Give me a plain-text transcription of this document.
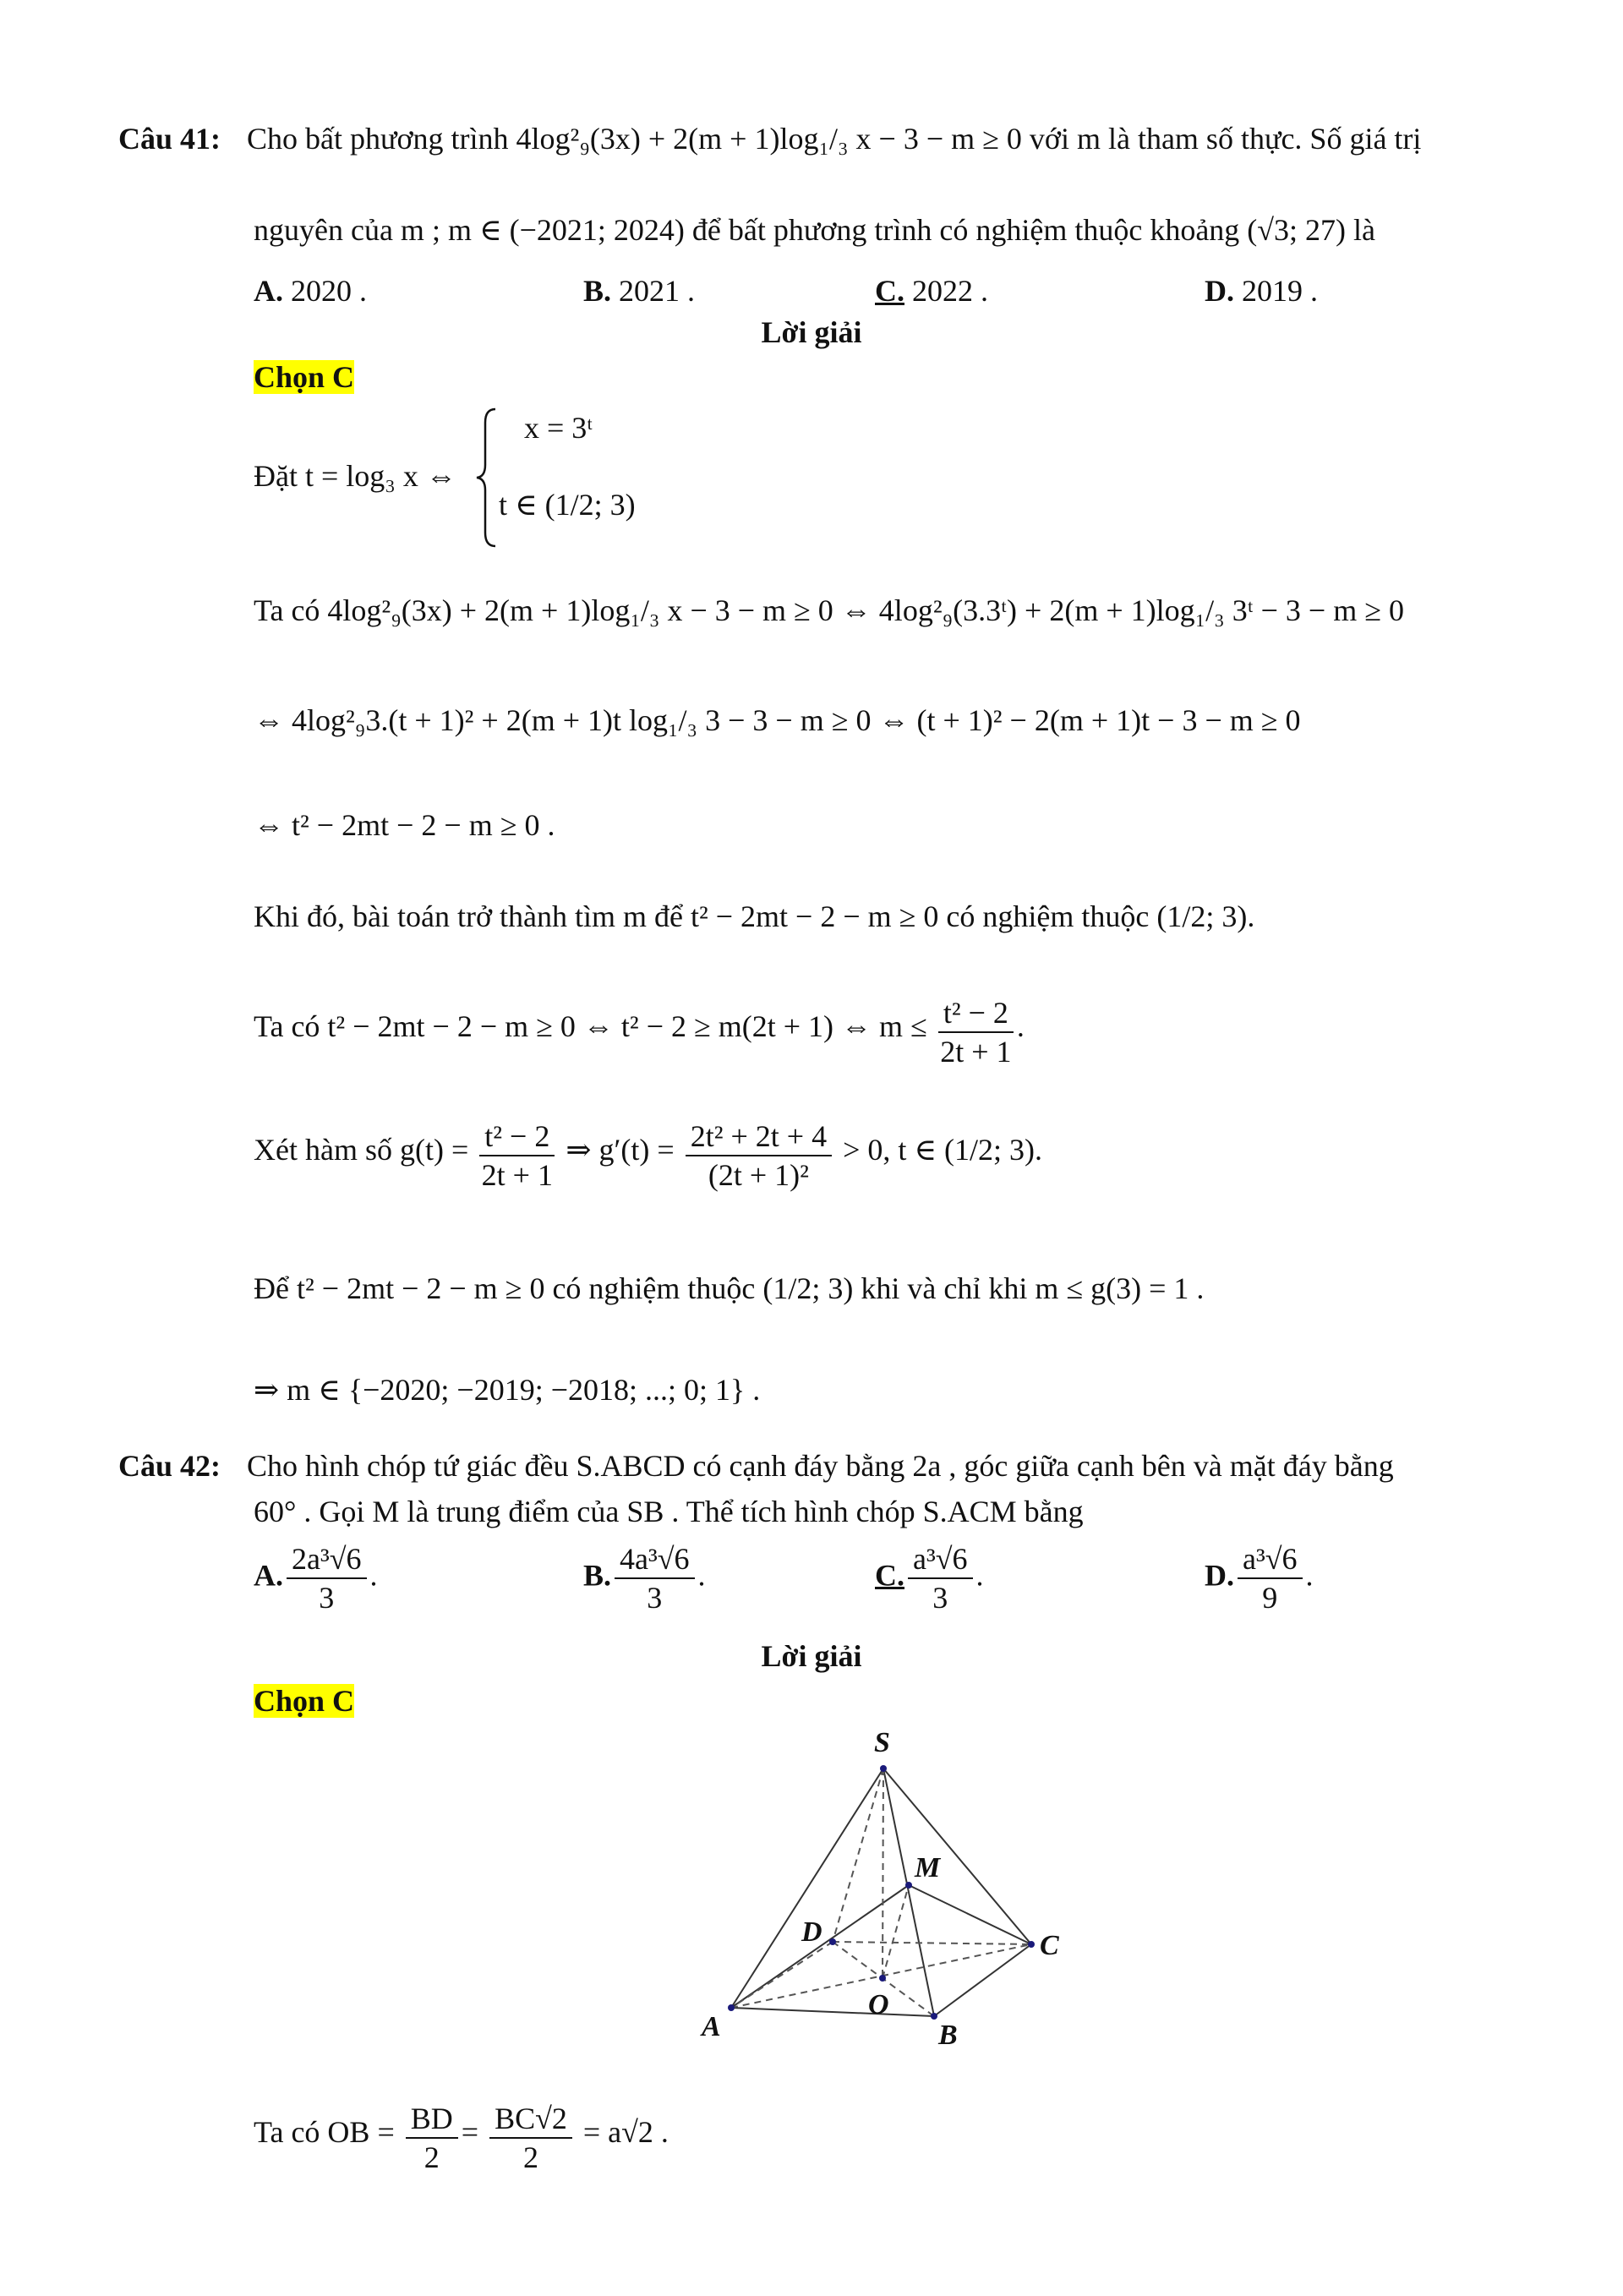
Câu 41: Cho bất phương trình 4log²₉(3x) + 2(m + 1)log₁/₃ x − 3 − m ≥ 0 với m là tham số thực. Số giá trị
nguyên của m ; m ∈ (−2021; 2024) để bất phương trình có nghiệm thuộc khoảng (√3; 27) là
A. 2020 .	B. 2021 .	C. 2022 .	D. 2019 .
Lời giải
Chọn C
Đặt t = log₃ x ⇔
x = 3ᵗ
t ∈ (1/2; 3)
Ta có 4log²₉(3x) + 2(m + 1)log₁/₃ x − 3 − m ≥ 0 ⇔ 4log²₉(3.3ᵗ) + 2(m + 1)log₁/₃ 3ᵗ − 3 − m ≥ 0
⇔ 4log²₉3.(t + 1)² + 2(m + 1)t log₁/₃ 3 − 3 − m ≥ 0 ⇔ (t + 1)² − 2(m + 1)t − 3 − m ≥ 0
⇔ t² − 2mt − 2 − m ≥ 0 .
Khi đó, bài toán trở thành tìm m để t² − 2mt − 2 − m ≥ 0 có nghiệm thuộc (1/2; 3).
Ta có t² − 2mt − 2 − m ≥ 0 ⇔ t² − 2 ≥ m(2t + 1) ⇔ $m \le \frac{\text{t² − 2}}{2t + 1}$ .
Xét hàm số $g(t) = \frac{\text{t² − 2}}{2t + 1}$ ⇒ $g'(t) = \frac{\text{2t² + 2t + 4}}{\text{(2t + 1)²}} > 0$, t ∈ (1/2; 3).
Để t² − 2mt − 2 − m ≥ 0 có nghiệm thuộc (1/2; 3) khi và chỉ khi m ≤ g(3) = 1 .
⇒ m ∈ {−2020; −2019; −2018; ...; 0; 1} .
Câu 42: Cho hình chóp tứ giác đều S.ABCD có cạnh đáy bằng 2a , góc giữa cạnh bên và mặt đáy bằng
60° . Gọi M là trung điểm của SB . Thể tích hình chóp S.ACM bằng
A. $\frac{\text{2a³√6}}{3}$ .	B. $\frac{\text{4a³√6}}{3}$ .	C. $\frac{\text{a³√6}}{3}$ .	D. $\frac{\text{a³√6}}{9}$ .
Lời giải
Chọn C
S
M
D	C
O
A	B
Ta có OB = $\frac{BD}{2} = \frac{BC√2}{2} = a√2$ .
